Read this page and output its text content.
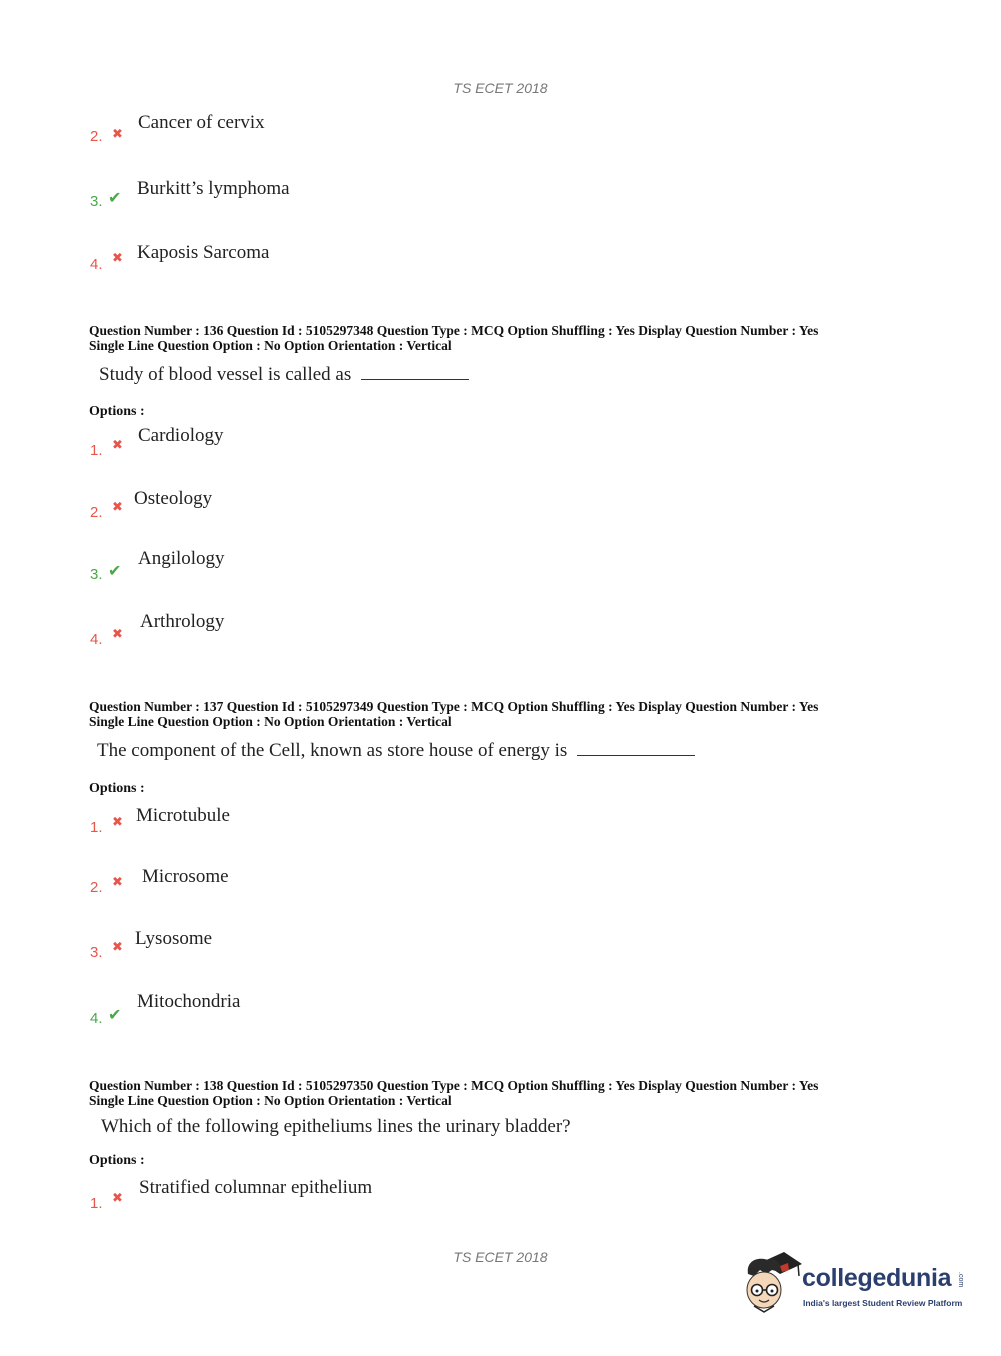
TS ECET 2018
2. ✖
Cancer of cervix
3. ✔ Burkitt’s lymphoma
4. ✖ Kaposis Sarcoma
Question Number : 136 Question Id : 5105297348 Question Type : MCQ Option Shuffling : Yes Display Question Number : Yes
Single Line Question Option : No Option Orientation : Vertical
Study of blood vessel is called as
Options :
1. ✖ Cardiology
2. ✖ Osteology
3. ✔
Angilology
4. ✖
Arthrology
Question Number : 137 Question Id : 5105297349 Question Type : MCQ Option Shuffling : Yes Display Question Number : Yes
Single Line Question Option : No Option Orientation : Vertical
The component of the Cell, known as store house of energy is
Options :
1. ✖ Microtubule
2. ✖ Microsome
3. ✖ Lysosome
4. ✔
Mitochondria
Question Number : 138 Question Id : 5105297350 Question Type : MCQ Option Shuffling : Yes Display Question Number : Yes
Single Line Question Option : No Option Orientation : Vertical
Which of the following epitheliums lines the urinary bladder?
Options :
1. ✖
Stratified columnar epithelium
TS ECET 2018
collegedunia .com
India's largest Student Review Platform
